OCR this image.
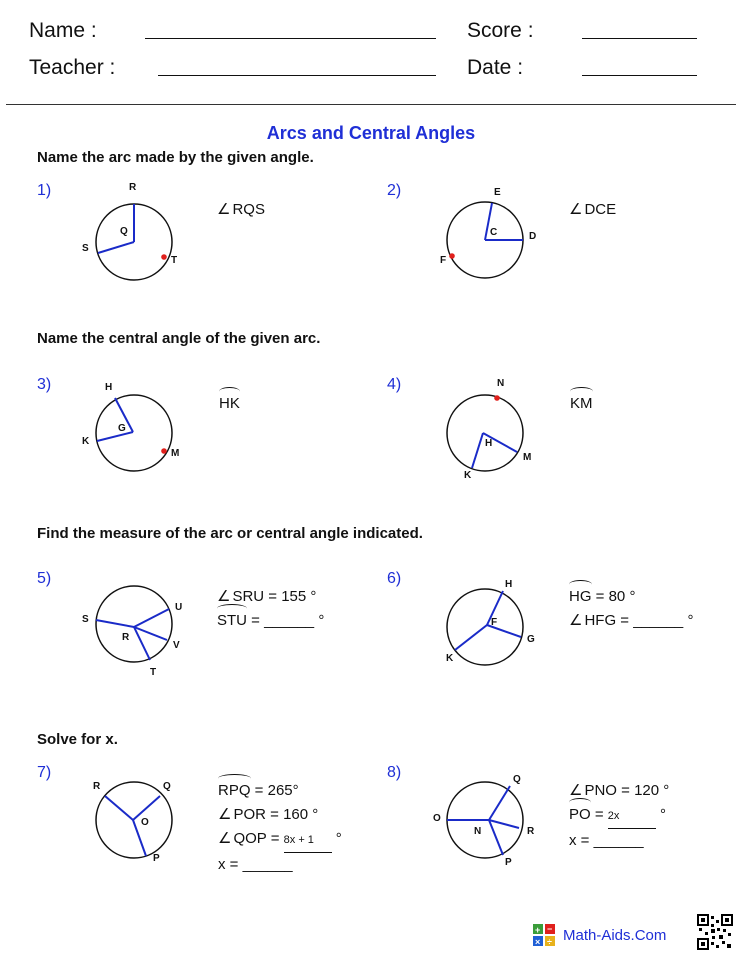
Name :	Score :
Teacher :	Date :
Arcs and Central Angles
Name the arc made by the given angle.
Name the central angle of the given arc.
Find the measure of the arc or central angle indicated.
Solve for x.
1)	2)
3)	4)
5)	6)
7)	8)
R
Q
S
T
E
C	D
F
H
G
K
M
N
H
M
K
S
U
R
V
T
H
F
G
K
R	Q
O
P
Q
O
N	R
P
∠ RQS	∠ DCE
HK	KM
∠ SRU = 155 °
STU = ______ °
HG = 80 °
∠ HFG = ______ °
RPQ = 265°
∠ POR = 160 °
∠ QOP = 8x + 1 °
x = ______
∠ PNO = 120 °
PO = 2x °
x = ______
+ −
× ÷ Math-Aids.Com
